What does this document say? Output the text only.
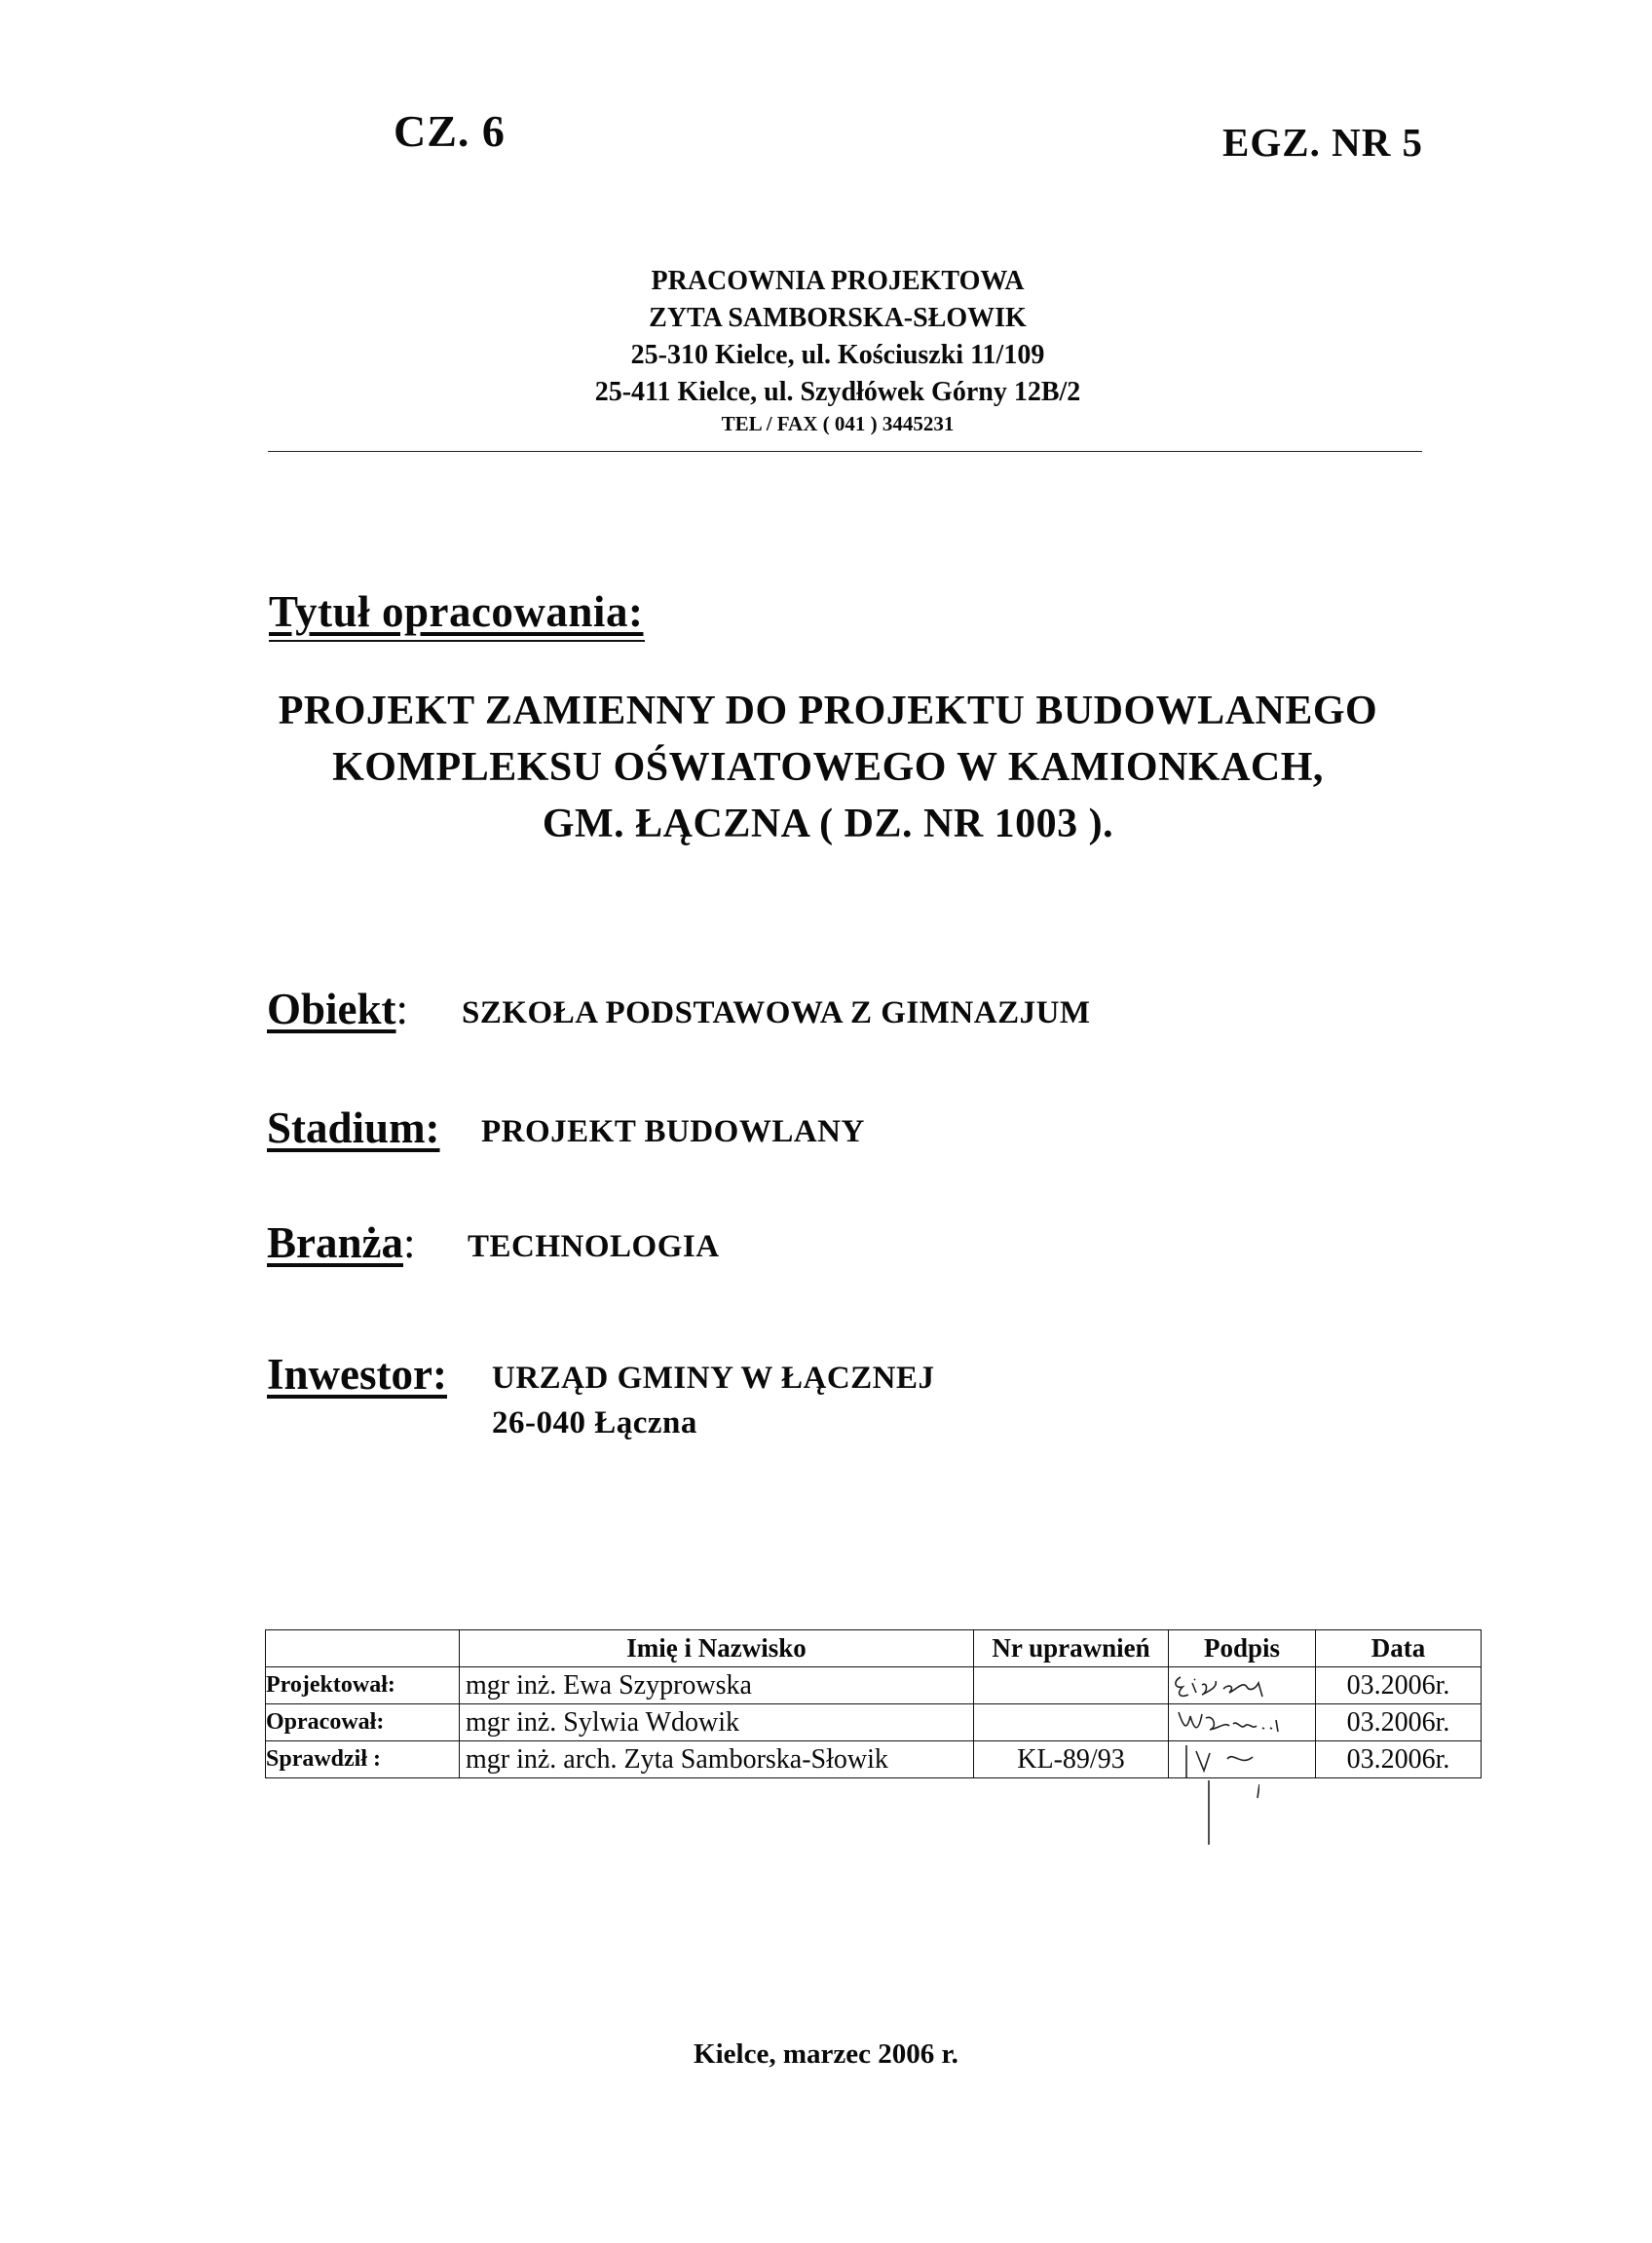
CZ. 6	EGZ. NR 5
PRACOWNIA PROJEKTOWA
ZYTA SAMBORSKA-SŁOWIK
25-310 Kielce, ul. Kościuszki 11/109
25-411 Kielce, ul. Szydłówek Górny 12B/2
TEL / FAX ( 041 ) 3445231
Tytuł opracowania:
PROJEKT ZAMIENNY DO PROJEKTU BUDOWLANEGO
KOMPLEKSU OŚWIATOWEGO W KAMIONKACH,
GM. ŁĄCZNA ( DZ. NR 1003 ).
Obiekt: SZKOŁA PODSTAWOWA Z GIMNAZJUM
Stadium: PROJEKT BUDOWLANY
Branża: TECHNOLOGIA
Inwestor: URZĄD GMINY W ŁĄCZNEJ
26-040 Łączna
	Imię i Nazwisko	Nr uprawnień	Podpis	Data
Projektował:	mgr inż. Ewa Szyprowska			03.2006r.
Opracował:	mgr inż. Sylwia Wdowik			03.2006r.
Sprawdził :	mgr inż. arch. Zyta Samborska-Słowik	KL-89/93		03.2006r.
Kielce, marzec 2006 r.
